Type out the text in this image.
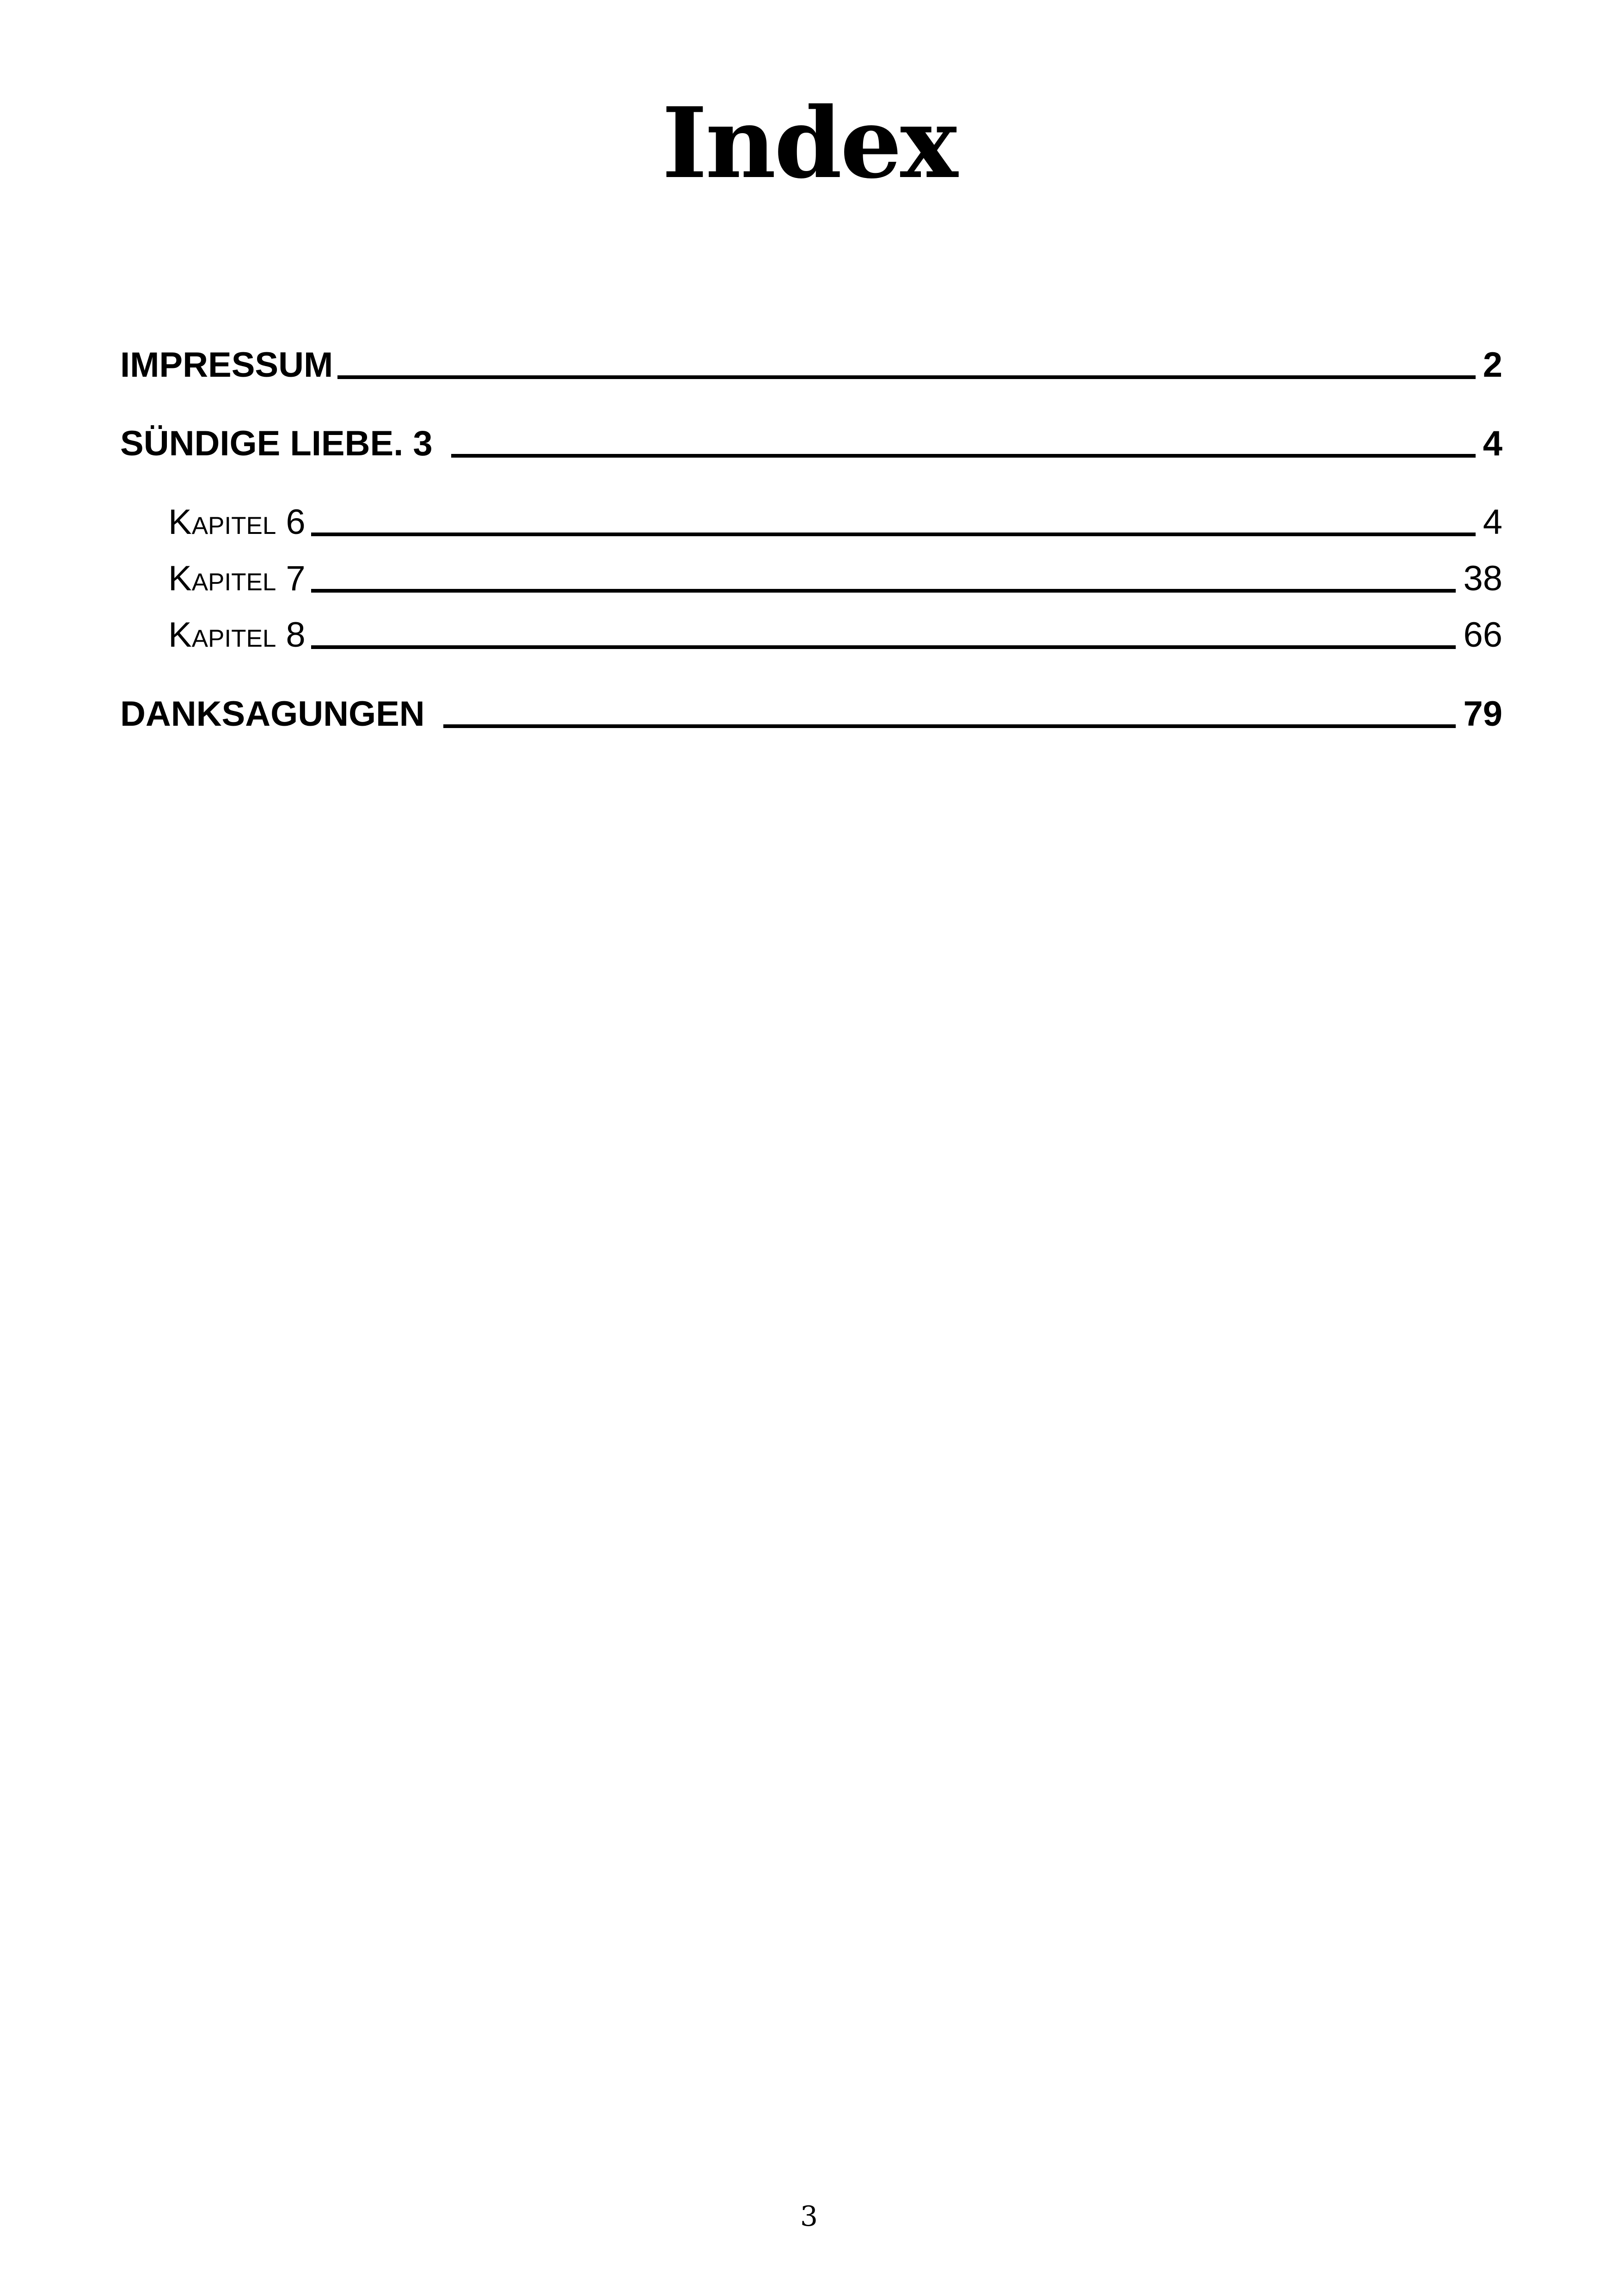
Index
IMPRESSUM	2
SÜNDIGE LIEBE. 3	4
Kapitel 6	4
Kapitel 7	38
Kapitel 8	66
DANKSAGUNGEN	79
3
